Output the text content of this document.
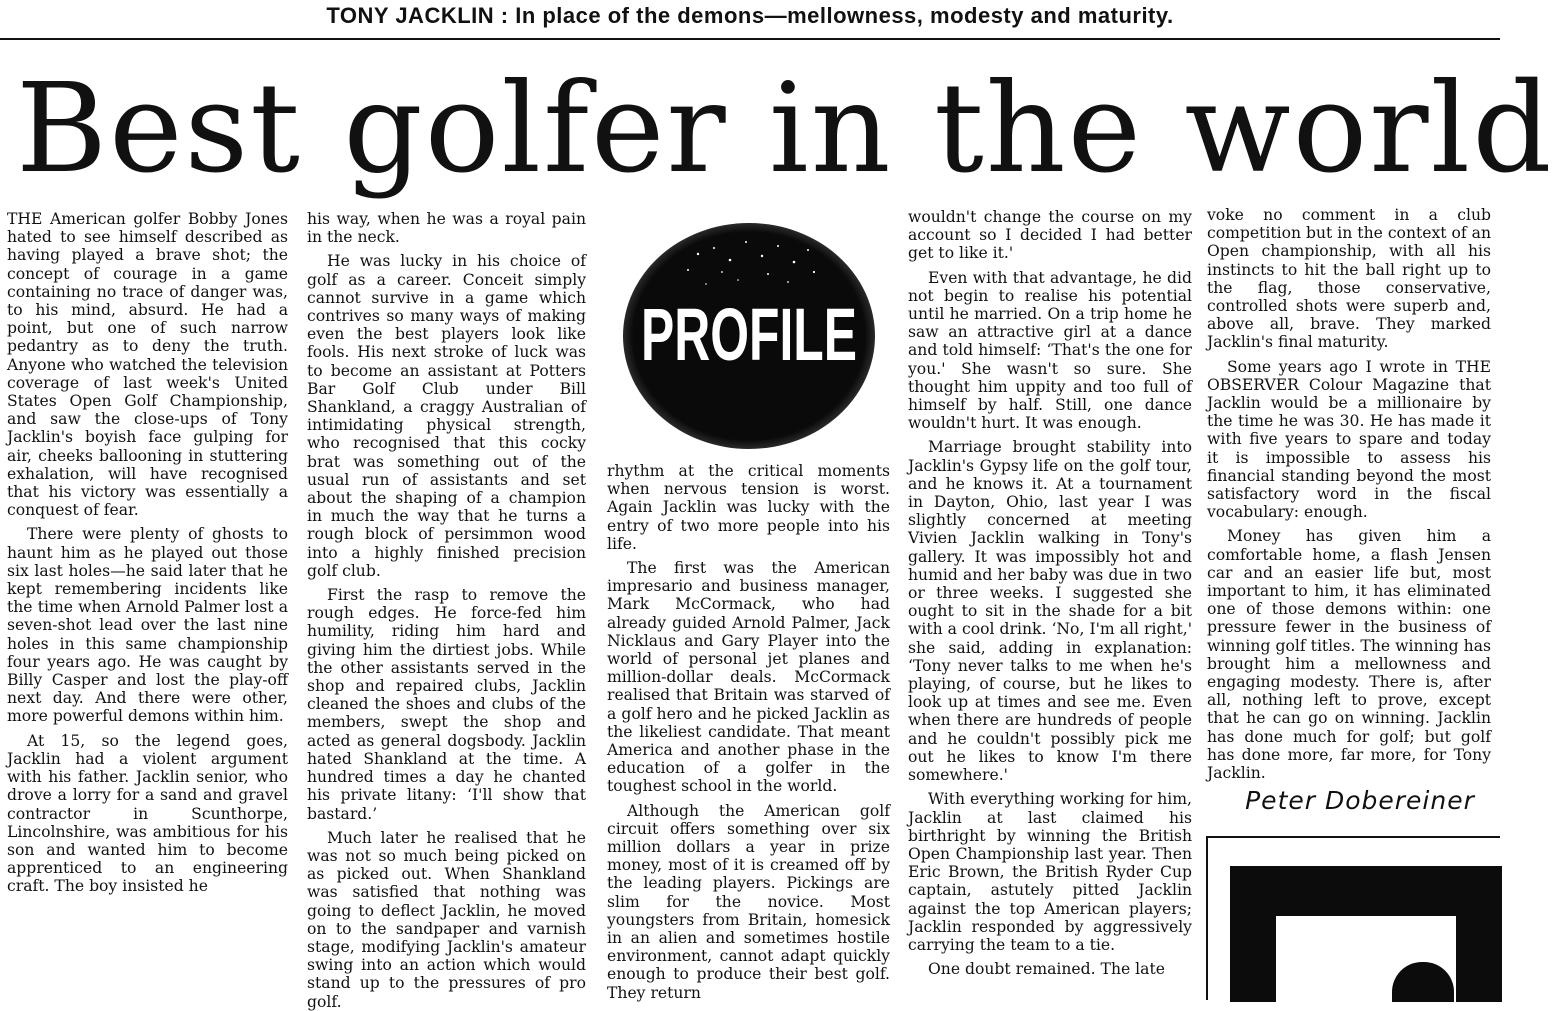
TONY JACKLIN : In place of the demons—mellowness, modesty and maturity.
Best golfer in the world

THE American golfer Bobby Jones hated to see himself described as having played a brave shot; the concept of courage in a game containing no trace of danger was, to his mind, absurd. He had a point, but one of such narrow pedantry as to deny the truth. Anyone who watched the television coverage of last week's United States Open Golf Championship, and saw the close-ups of Tony Jacklin's boyish face gulping for air, cheeks ballooning in stuttering exhalation, will have recognised that his victory was essentially a conquest of fear.

There were plenty of ghosts to haunt him as he played out those six last holes—he said later that he kept remembering incidents like the time when Arnold Palmer lost a seven-shot lead over the last nine holes in this same championship four years ago. He was caught by Billy Casper and lost the play-off next day. And there were other, more powerful demons within him.

At 15, so the legend goes, Jacklin had a violent argument with his father. Jacklin senior, who drove a lorry for a sand and gravel contractor in Scunthorpe, Lincolnshire, was ambitious for his son and wanted him to become apprenticed to an engineering craft. The boy insisted he

his way, when he was a royal pain in the neck.

He was lucky in his choice of golf as a career. Conceit simply cannot survive in a game which contrives so many ways of making even the best players look like fools. His next stroke of luck was to become an assistant at Potters Bar Golf Club under Bill Shankland, a craggy Australian of intimidating physical strength, who recognised that this cocky brat was something out of the usual run of assistants and set about the shaping of a champion in much the way that he turns a rough block of persimmon wood into a highly finished precision golf club.

First the rasp to remove the rough edges. He force-fed him humility, riding him hard and giving him the dirtiest jobs. While the other assistants served in the shop and repaired clubs, Jacklin cleaned the shoes and clubs of the members, swept the shop and acted as general dogsbody. Jacklin hated Shankland at the time. A hundred times a day he chanted his private litany: ‘I'll show that bastard.’

Much later he realised that he was not so much being picked on as picked out. When Shankland was satisfied that nothing was going to deflect Jacklin, he moved on to the sandpaper and varnish stage, modifying Jacklin's amateur swing into an action which would stand up to the pressures of pro golf.

PROFILE

rhythm at the critical moments when nervous tension is worst. Again Jacklin was lucky with the entry of two more people into his life.

The first was the American impresario and business manager, Mark McCormack, who had already guided Arnold Palmer, Jack Nicklaus and Gary Player into the world of personal jet planes and million-dollar deals. McCormack realised that Britain was starved of a golf hero and he picked Jacklin as the likeliest candidate. That meant America and another phase in the education of a golfer in the toughest school in the world.

Although the American golf circuit offers something over six million dollars a year in prize money, most of it is creamed off by the leading players. Pickings are slim for the novice. Most youngsters from Britain, homesick in an alien and sometimes hostile environment, cannot adapt quickly enough to produce their best golf. They return

wouldn't change the course on my account so I decided I had better get to like it.'

Even with that advantage, he did not begin to realise his potential until he married. On a trip home he saw an attractive girl at a dance and told himself: ‘That's the one for you.' She wasn't so sure. She thought him uppity and too full of himself by half. Still, one dance wouldn't hurt. It was enough.

Marriage brought stability into Jacklin's Gypsy life on the golf tour, and he knows it. At a tournament in Dayton, Ohio, last year I was slightly concerned at meeting Vivien Jacklin walking in Tony's gallery. It was impossibly hot and humid and her baby was due in two or three weeks. I suggested she ought to sit in the shade for a bit with a cool drink. ‘No, I'm all right,' she said, adding in explanation: ‘Tony never talks to me when he's playing, of course, but he likes to look up at times and see me. Even when there are hundreds of people and he couldn't possibly pick me out he likes to know I'm there somewhere.'

With everything working for him, Jacklin at last claimed his birthright by winning the British Open Championship last year. Then Eric Brown, the British Ryder Cup captain, astutely pitted Jacklin against the top American players; Jacklin responded by aggressively carrying the team to a tie.

One doubt remained. The late

voke no comment in a club competition but in the context of an Open championship, with all his instincts to hit the ball right up to the flag, those conservative, controlled shots were superb and, above all, brave. They marked Jacklin's final maturity.

Some years ago I wrote in THE OBSERVER Colour Magazine that Jacklin would be a millionaire by the time he was 30. He has made it with five years to spare and today it is impossible to assess his financial standing beyond the most satisfactory word in the fiscal vocabulary: enough.

Money has given him a comfortable home, a flash Jensen car and an easier life but, most important to him, it has eliminated one of those demons within: one pressure fewer in the business of winning golf titles. The winning has brought him a mellowness and engaging modesty. There is, after all, nothing left to prove, except that he can go on winning. Jacklin has done much for golf; but golf has done more, far more, for Tony Jacklin.

Peter Dobereiner
